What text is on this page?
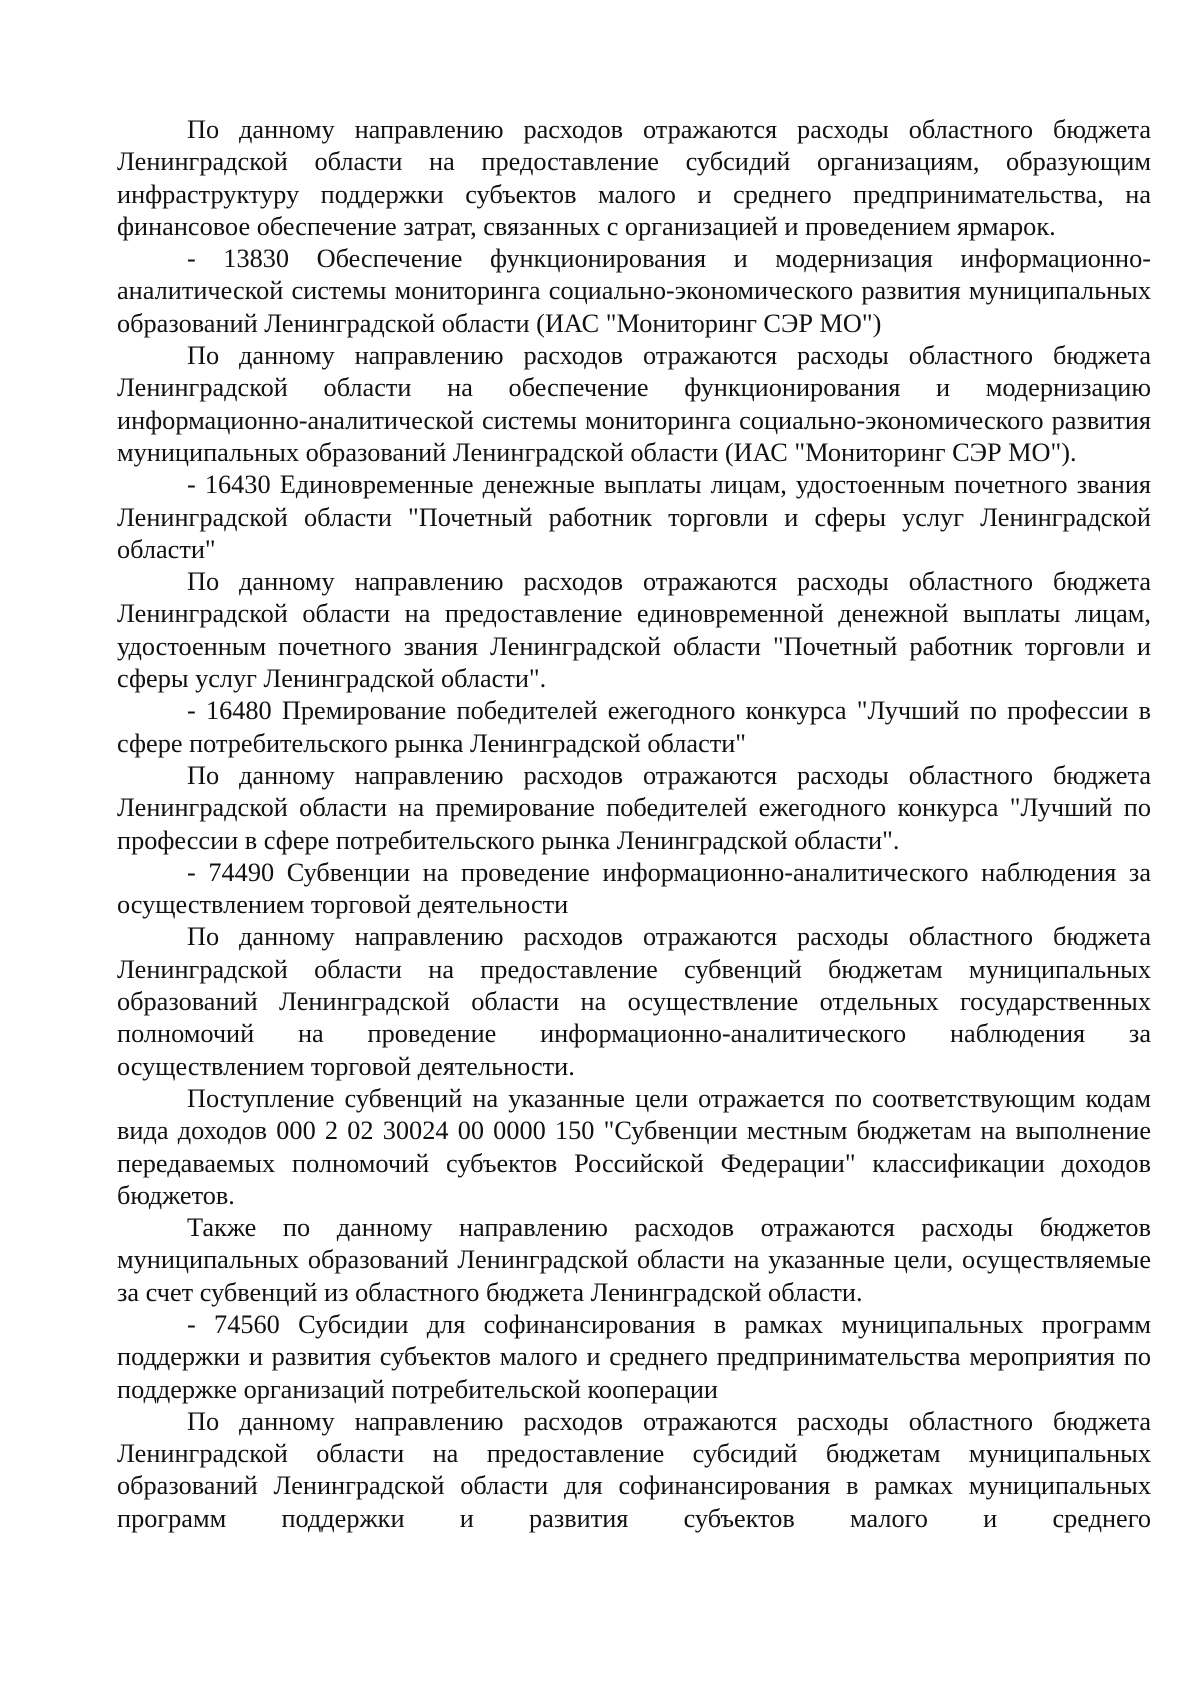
По данному направлению расходов отражаются расходы областного бюджета Ленинградской области на предоставление субсидий организациям, образующим инфраструктуру поддержки субъектов малого и среднего предпринимательства, на финансовое обеспечение затрат, связанных с организацией и проведением ярмарок.

- 13830 Обеспечение функционирования и модернизация информационно-аналитической системы мониторинга социально-экономического развития муниципальных образований Ленинградской области (ИАС "Мониторинг СЭР МО")

По данному направлению расходов отражаются расходы областного бюджета Ленинградской области на обеспечение функционирования и модернизацию информационно-аналитической системы мониторинга социально-экономического развития муниципальных образований Ленинградской области (ИАС "Мониторинг СЭР МО").

- 16430 Единовременные денежные выплаты лицам, удостоенным почетного звания Ленинградской области "Почетный работник торговли и сферы услуг Ленинградской области"

По данному направлению расходов отражаются расходы областного бюджета Ленинградской области на предоставление единовременной денежной выплаты лицам, удостоенным почетного звания Ленинградской области "Почетный работник торговли и сферы услуг Ленинградской области".

- 16480 Премирование победителей ежегодного конкурса "Лучший по профессии в сфере потребительского рынка Ленинградской области"

По данному направлению расходов отражаются расходы областного бюджета Ленинградской области на премирование победителей ежегодного конкурса "Лучший по профессии в сфере потребительского рынка Ленинградской области".

- 74490 Субвенции на проведение информационно-аналитического наблюдения за осуществлением торговой деятельности

По данному направлению расходов отражаются расходы областного бюджета Ленинградской области на предоставление субвенций бюджетам муниципальных образований Ленинградской области на осуществление отдельных государственных полномочий на проведение информационно-аналитического наблюдения за осуществлением торговой деятельности.

Поступление субвенций на указанные цели отражается по соответствующим кодам вида доходов 000 2 02 30024 00 0000 150 "Субвенции местным бюджетам на выполнение передаваемых полномочий субъектов Российской Федерации" классификации доходов бюджетов.

Также по данному направлению расходов отражаются расходы бюджетов муниципальных образований Ленинградской области на указанные цели, осуществляемые за счет субвенций из областного бюджета Ленинградской области.

- 74560 Субсидии для софинансирования в рамках муниципальных программ поддержки и развития субъектов малого и среднего предпринимательства мероприятия по поддержке организаций потребительской кооперации

По данному направлению расходов отражаются расходы областного бюджета Ленинградской области на предоставление субсидий бюджетам муниципальных образований Ленинградской области для софинансирования в рамках муниципальных программ поддержки и развития субъектов малого и среднего
